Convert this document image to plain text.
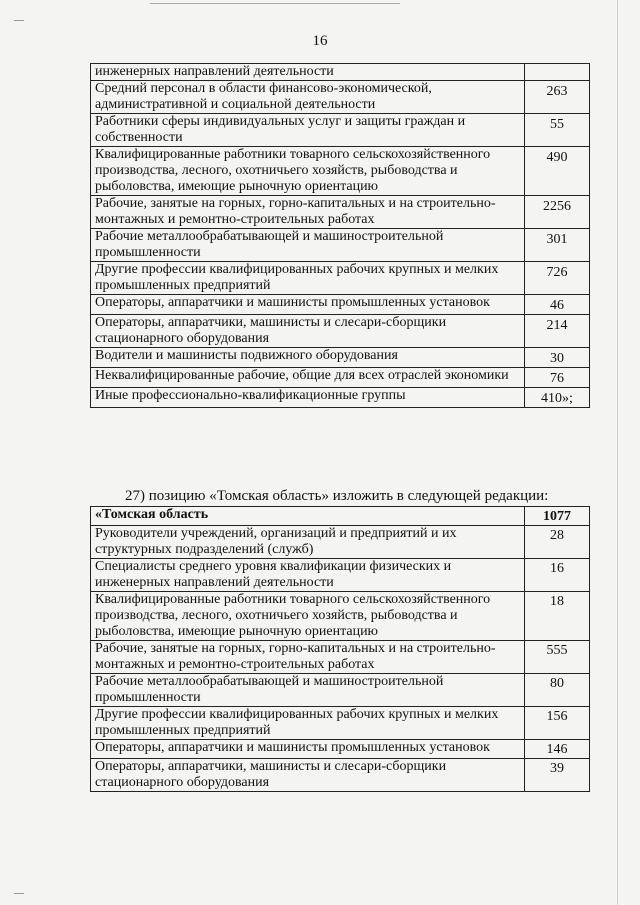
16
инженерных направлений деятельности	
Средний персонал в области финансово-экономической, административной и социальной деятельности	263
Работники сферы индивидуальных услуг и защиты граждан и собственности	55
Квалифицированные работники товарного сельскохозяйственного производства, лесного, охотничьего хозяйств, рыбоводства и рыболовства, имеющие рыночную ориентацию	490
Рабочие, занятые на горных, горно-капитальных и на строительно-монтажных и ремонтно-строительных работах	2256
Рабочие металлообрабатывающей и машиностроительной промышленности	301
Другие профессии квалифицированных рабочих крупных и мелких промышленных предприятий	726
Операторы, аппаратчики и машинисты промышленных установок	46
Операторы, аппаратчики, машинисты и слесари-сборщики стационарного оборудования	214
Водители и машинисты подвижного оборудования	30
Неквалифицированные рабочие, общие для всех отраслей экономики	76
Иные профессионально-квалификационные группы	410»;
27) позицию «Томская область» изложить в следующей редакции:
«Томская область	1077
Руководители учреждений, организаций и предприятий и их структурных подразделений (служб)	28
Специалисты среднего уровня квалификации физических и инженерных направлений деятельности	16
Квалифицированные работники товарного сельскохозяйственного производства, лесного, охотничьего хозяйств, рыбоводства и рыболовства, имеющие рыночную ориентацию	18
Рабочие, занятые на горных, горно-капитальных и на строительно-монтажных и ремонтно-строительных работах	555
Рабочие металлообрабатывающей и машиностроительной промышленности	80
Другие профессии квалифицированных рабочих крупных и мелких промышленных предприятий	156
Операторы, аппаратчики и машинисты промышленных установок	146
Операторы, аппаратчики, машинисты и слесари-сборщики стационарного оборудования	39
